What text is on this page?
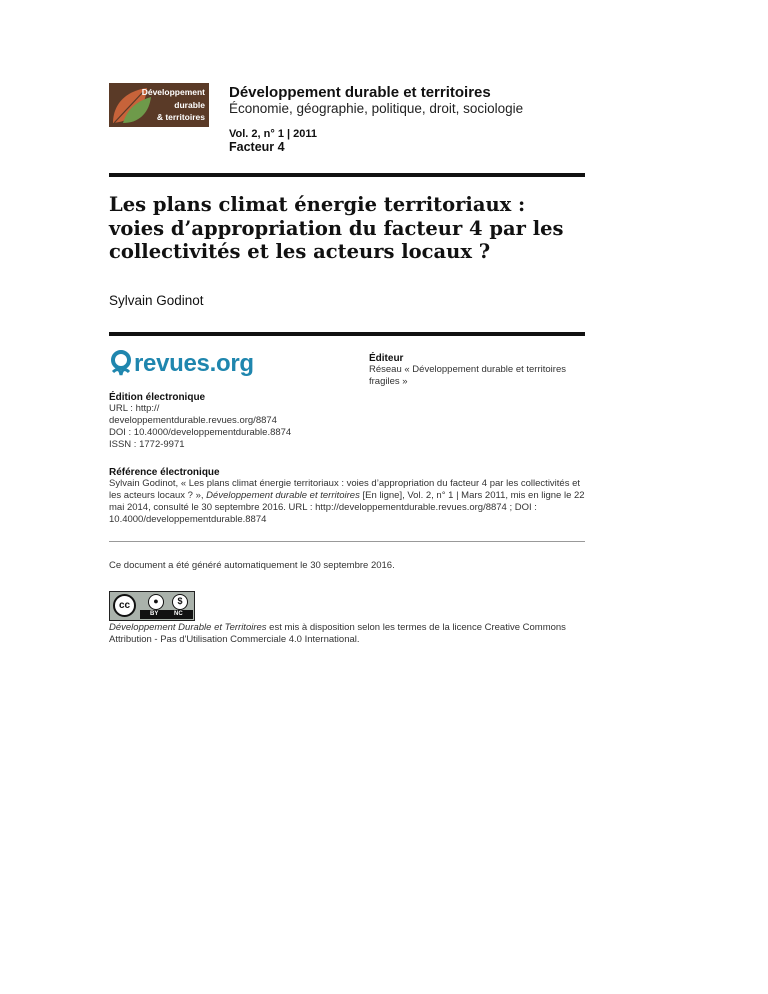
Développement
durable
& territoires
Développement durable et territoires
Économie, géographie, politique, droit, sociologie
Vol. 2, n° 1 | 2011
Facteur 4
Les plans climat énergie territoriaux : voies d’appropriation du facteur 4 par les collectivités et les acteurs locaux ?
Sylvain Godinot
revues.org	Éditeur
Réseau « Développement durable et territoires fragiles »
Édition électronique
URL : http://
developpementdurable.revues.org/8874
DOI : 10.4000/developpementdurable.8874
ISSN : 1772-9971
Référence électronique
Sylvain Godinot, « Les plans climat énergie territoriaux : voies d’appropriation du facteur 4 par les collectivités et les acteurs locaux ? », Développement durable et territoires [En ligne], Vol. 2, n° 1 | Mars 2011, mis en ligne le 22 mai 2014, consulté le 30 septembre 2016. URL : http://developpementdurable.revues.org/8874 ; DOI : 10.4000/developpementdurable.8874
Ce document a été généré automatiquement le 30 septembre 2016.
cc	●	$
BY	NC
Développement Durable et Territoires est mis à disposition selon les termes de la licence Creative Commons Attribution - Pas d'Utilisation Commerciale 4.0 International.
